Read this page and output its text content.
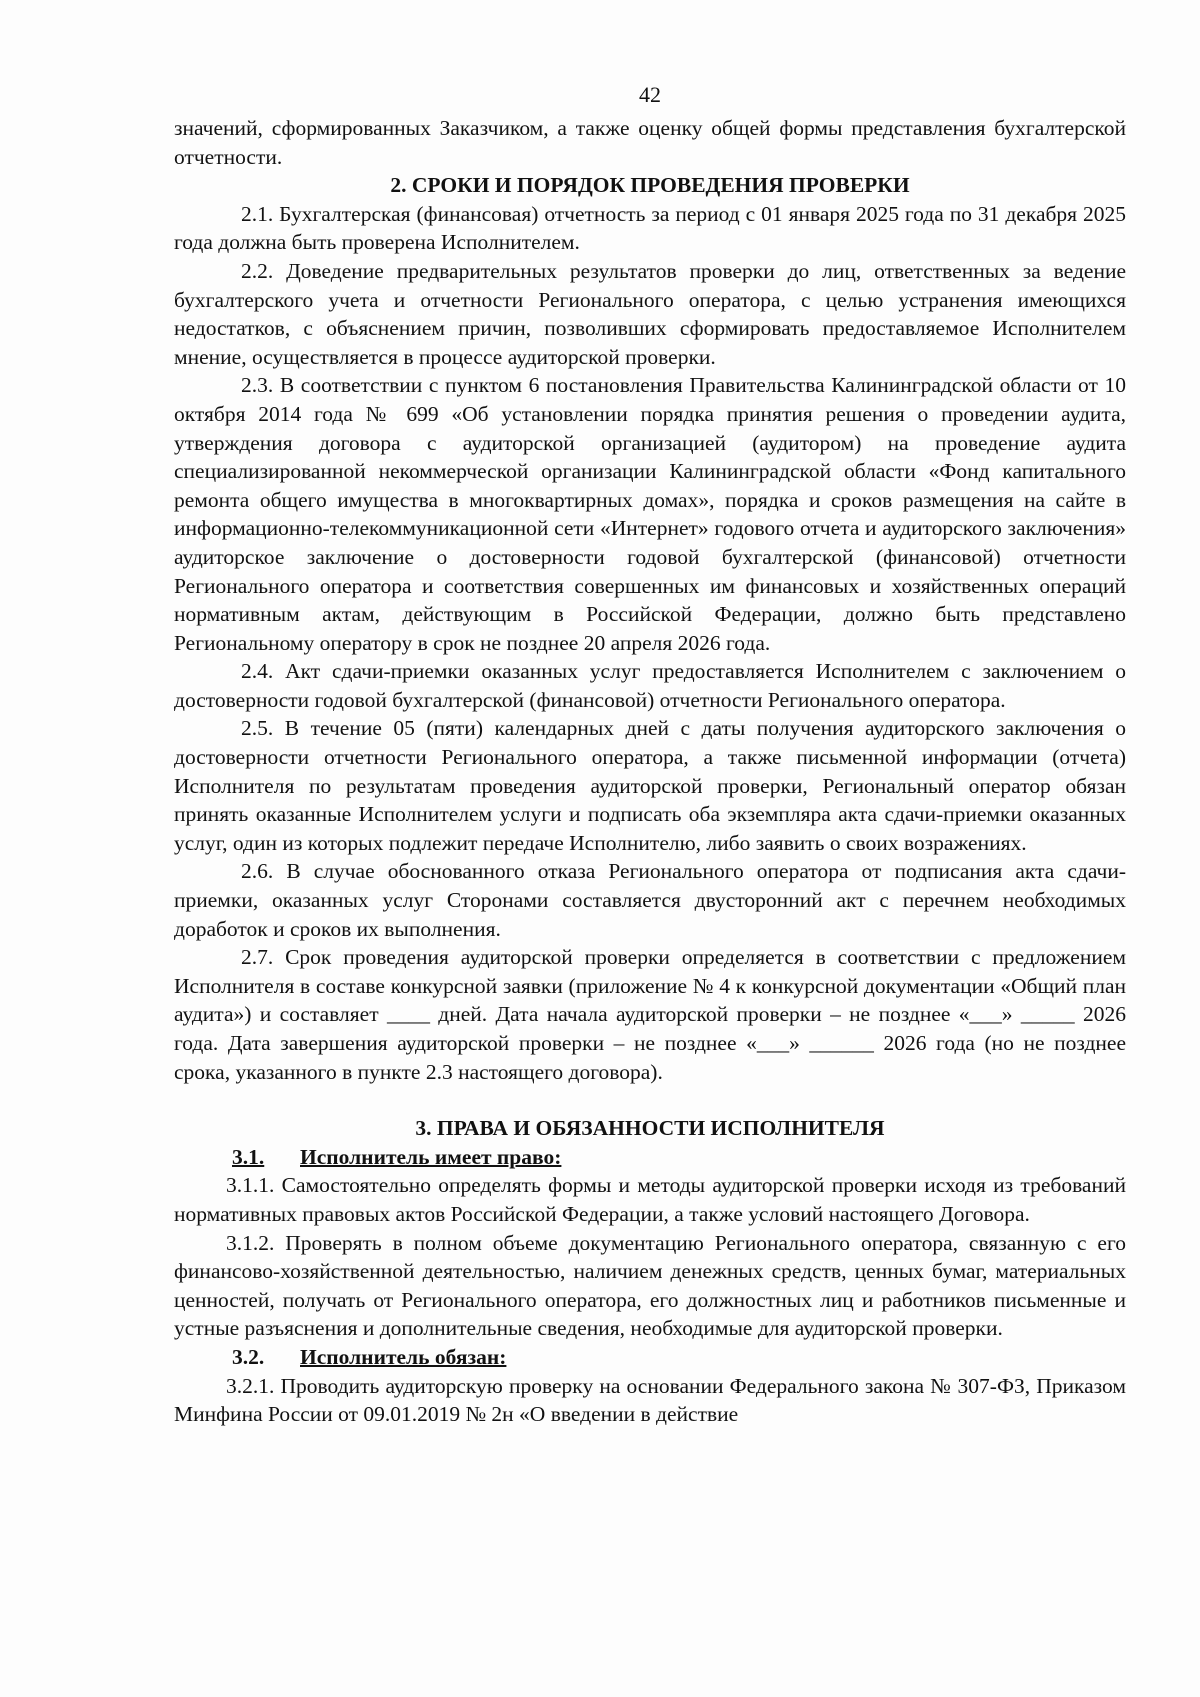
42

значений, сформированных Заказчиком, а также оценку общей формы представления бухгалтерской отчетности.

2. СРОКИ И ПОРЯДОК ПРОВЕДЕНИЯ ПРОВЕРКИ

2.1. Бухгалтерская (финансовая) отчетность за период с 01 января 2025 года по 31 декабря 2025 года должна быть проверена Исполнителем.

2.2. Доведение предварительных результатов проверки до лиц, ответственных за ведение бухгалтерского учета и отчетности Регионального оператора, с целью устранения имеющихся недостатков, с объяснением причин, позволивших сформировать предоставляемое Исполнителем мнение, осуществляется в процессе аудиторской проверки.

2.3. В соответствии с пунктом 6 постановления Правительства Калининградской области от 10 октября 2014 года № 699 «Об установлении порядка принятия решения о проведении аудита, утверждения договора с аудиторской организацией (аудитором) на проведение аудита специализированной некоммерческой организации Калининградской области «Фонд капитального ремонта общего имущества в многоквартирных домах», порядка и сроков размещения на сайте в информационно-телекоммуникационной сети «Интернет» годового отчета и аудиторского заключения» аудиторское заключение о достоверности годовой бухгалтерской (финансовой) отчетности Регионального оператора и соответствия совершенных им финансовых и хозяйственных операций нормативным актам, действующим в Российской Федерации, должно быть представлено Региональному оператору в срок не позднее 20 апреля 2026 года.

2.4. Акт сдачи-приемки оказанных услуг предоставляется Исполнителем с заключением о достоверности годовой бухгалтерской (финансовой) отчетности Регионального оператора.

2.5. В течение 05 (пяти) календарных дней с даты получения аудиторского заключения о достоверности отчетности Регионального оператора, а также письменной информации (отчета) Исполнителя по результатам проведения аудиторской проверки, Региональный оператор обязан принять оказанные Исполнителем услуги и подписать оба экземпляра акта сдачи-приемки оказанных услуг, один из которых подлежит передаче Исполнителю, либо заявить о своих возражениях.

2.6. В случае обоснованного отказа Регионального оператора от подписания акта сдачи-приемки, оказанных услуг Сторонами составляется двусторонний акт с перечнем необходимых доработок и сроков их выполнения.

2.7. Срок проведения аудиторской проверки определяется в соответствии с предложением Исполнителя в составе конкурсной заявки (приложение № 4 к конкурсной документации «Общий план аудита») и составляет ____ дней. Дата начала аудиторской проверки – не позднее «___» _____ 2026 года. Дата завершения аудиторской проверки – не позднее «___» ______ 2026 года (но не позднее срока, указанного в пункте 2.3 настоящего договора).

3. ПРАВА И ОБЯЗАННОСТИ ИСПОЛНИТЕЛЯ

3.1. Исполнитель имеет право:

3.1.1. Самостоятельно определять формы и методы аудиторской проверки исходя из требований нормативных правовых актов Российской Федерации, а также условий настоящего Договора.

3.1.2. Проверять в полном объеме документацию Регионального оператора, связанную с его финансово-хозяйственной деятельностью, наличием денежных средств, ценных бумаг, материальных ценностей, получать от Регионального оператора, его должностных лиц и работников письменные и устные разъяснения и дополнительные сведения, необходимые для аудиторской проверки.

3.2. Исполнитель обязан:

3.2.1. Проводить аудиторскую проверку на основании Федерального закона № 307-ФЗ, Приказом Минфина России от 09.01.2019 № 2н «О введении в действие
